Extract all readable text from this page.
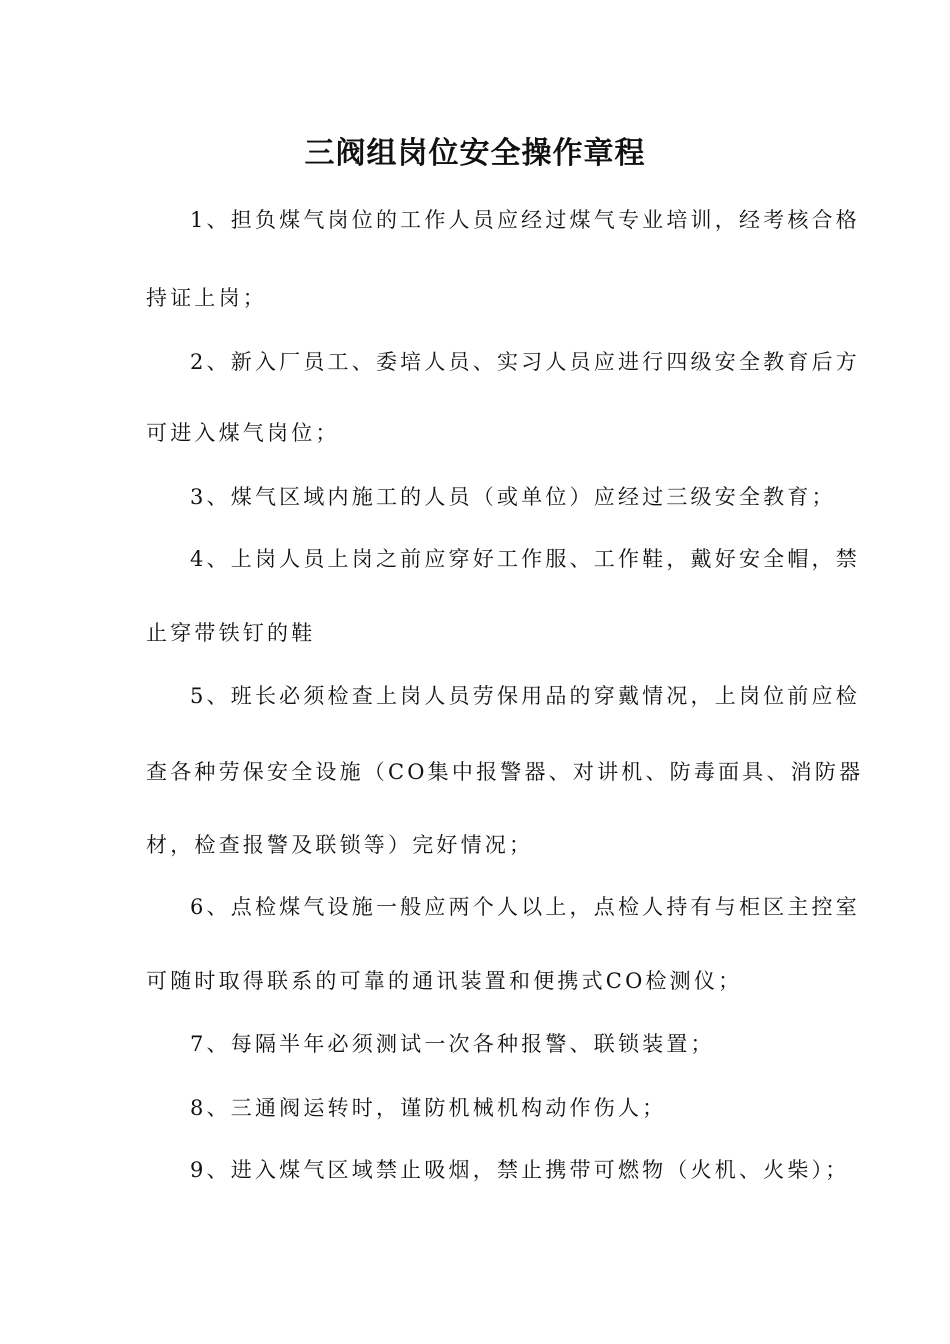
三阀组岗位安全操作章程
1、担负煤气岗位的工作人员应经过煤气专业培训，经考核合格
持证上岗；
2、新入厂员工、委培人员、实习人员应进行四级安全教育后方
可进入煤气岗位；
3、煤气区域内施工的人员（或单位）应经过三级安全教育；
4、上岗人员上岗之前应穿好工作服、工作鞋，戴好安全帽，禁
止穿带铁钉的鞋
5、班长必须检查上岗人员劳保用品的穿戴情况，上岗位前应检
查各种劳保安全设施（CO集中报警器、对讲机、防毒面具、消防器
材，检查报警及联锁等）完好情况；
6、点检煤气设施一般应两个人以上，点检人持有与柜区主控室
可随时取得联系的可靠的通讯装置和便携式CO检测仪；
7、每隔半年必须测试一次各种报警、联锁装置；
8、三通阀运转时，谨防机械机构动作伤人；
9、进入煤气区域禁止吸烟，禁止携带可燃物（火机、火柴）；
